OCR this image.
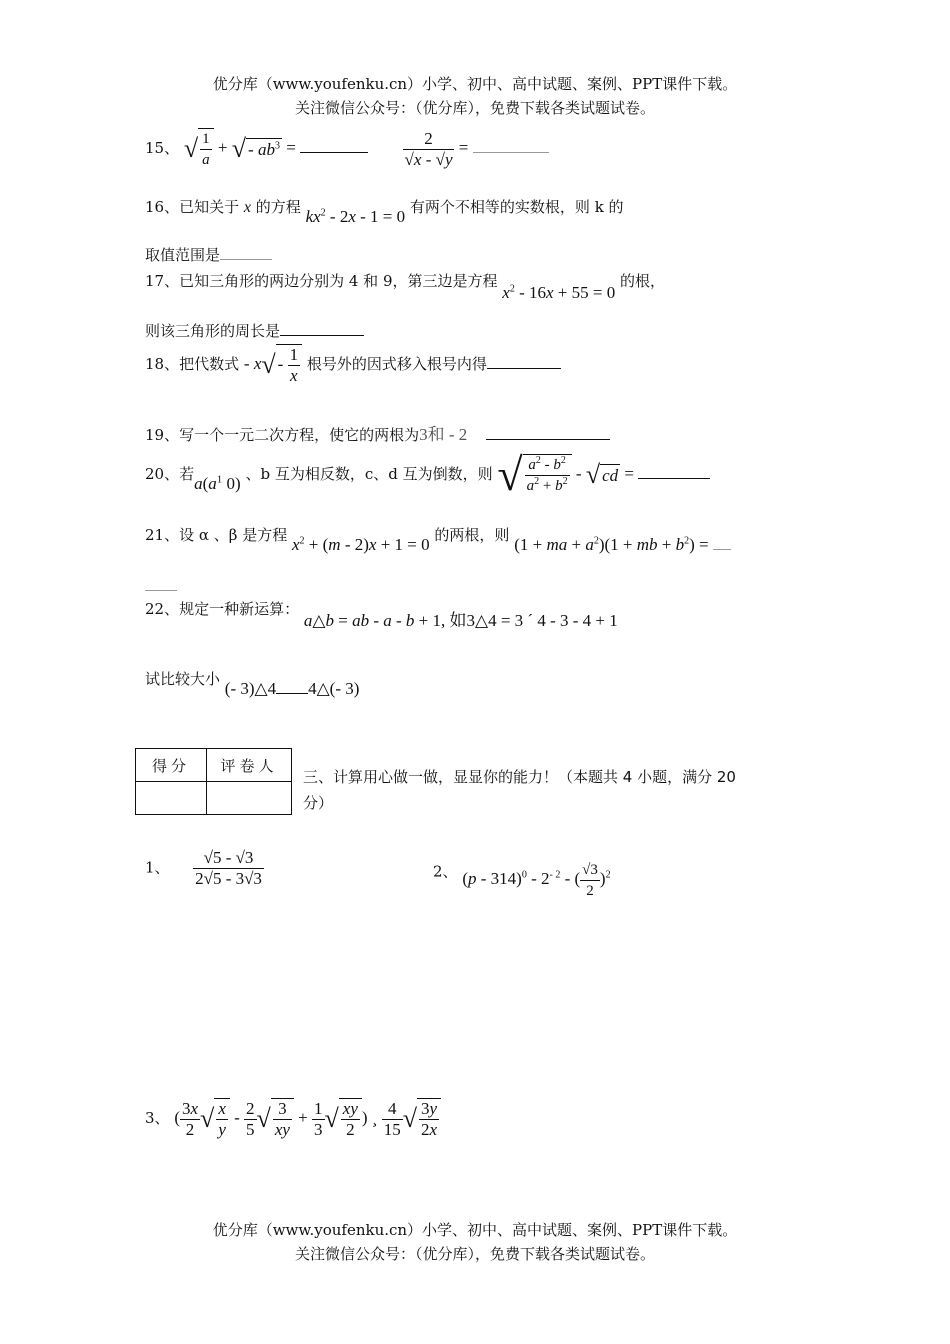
优分库（www.youfenku.cn）小学、初中、高中试题、案例、PPT课件下载。
关注微信公众号：（优分库），免费下载各类试题试卷。
15、 √ $\frac{1}{a}$ + √ - $ab^3$ =	$\frac{2}{√x - √y}$ =
16、已知关于 x 的方程 $kx^2 - 2x - 1 = 0$ 有两个不相等的实数根，则 k 的
取值范围是
17、已知三角形的两边分别为 4 和 9，第三边是方程 $x^2 - 16x + 55 = 0$ 的根，
则该三角形的周长是
18、把代数式 - $x√ - \frac{1}{x}$ 根号外的因式移入根号内得
19、写一个一元二次方程，使它的两根为3和 - 2
20、若$a(a^1$ 0) 、b 互为相反数，c、d 互为倒数，则 √ $\frac{a^2 - b^2}{a^2 + b^2}$ - √ cd =
21、设 α 、β 是方程 $x^2 + (m - 2)x + 1 = 0$ 的两根，则 (1 + ma + $a^2)(1$ + mb + $b^2$) =
22、规定一种新运算： a△b = ab - a - b + 1, 如3△4 = 3 ´ 4 - 3 - 4 + 1
试比较大小 (- 3)△4 4△(- 3)
得分	评卷人

三、计算用心做一做，显显你的能力！（本题共 4 小题，满分 20
分）
1、 $\frac{√5 - √3}{2√5 - 3√3}$	2、 $(p - 314)^0 - 2^{- 2}$ - ( $\frac{√3}{2} )^2$
3、 ( $\frac{3x}{2}$ √ $\frac{x}{y} - \frac{2}{5}$ √ $\frac{3}{xy} + \frac{1}{3}$ √ $\frac{xy}{2}$ ) ¸ $\frac{4}{15}$ √ $\frac{3y}{2x}$
优分库（www.youfenku.cn）小学、初中、高中试题、案例、PPT课件下载。
关注微信公众号：（优分库），免费下载各类试题试卷。
